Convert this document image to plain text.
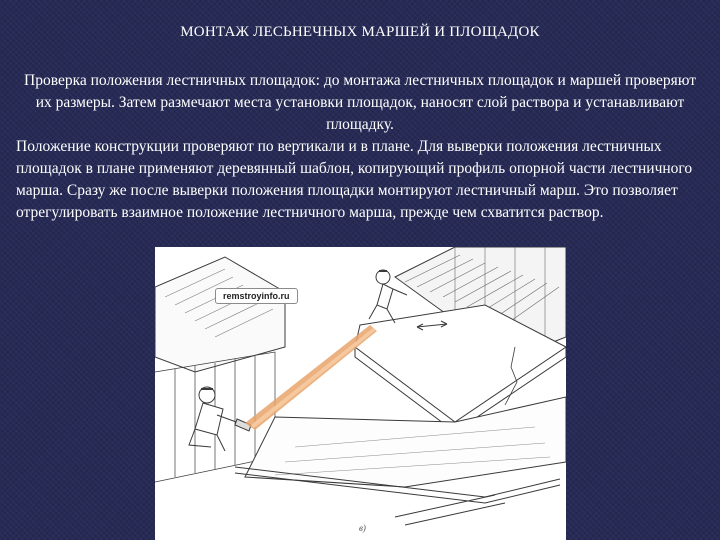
МОНТАЖ ЛЕСЬНЕЧНЫХ МАРШЕЙ И ПЛОЩАДОК

Проверка положения лестничных площадок: до монтажа лестничных площадок и маршей проверяют их размеры. Затем размечают места установки площадок, наносят слой раствора и устанавливают площадку.

Положение конструкции проверяют по вертикали и в плане. Для выверки положения лестничных площадок в плане применяют деревянный шаблон, копирующий профиль опорной части лестничного марша. Сразу же после выверки положения площадки монтируют лестничный марш. Это позволяет отрегулировать взаимное положение лестничного марша, прежде чем схватится раствор.

remstroyinfo.ru
в)
